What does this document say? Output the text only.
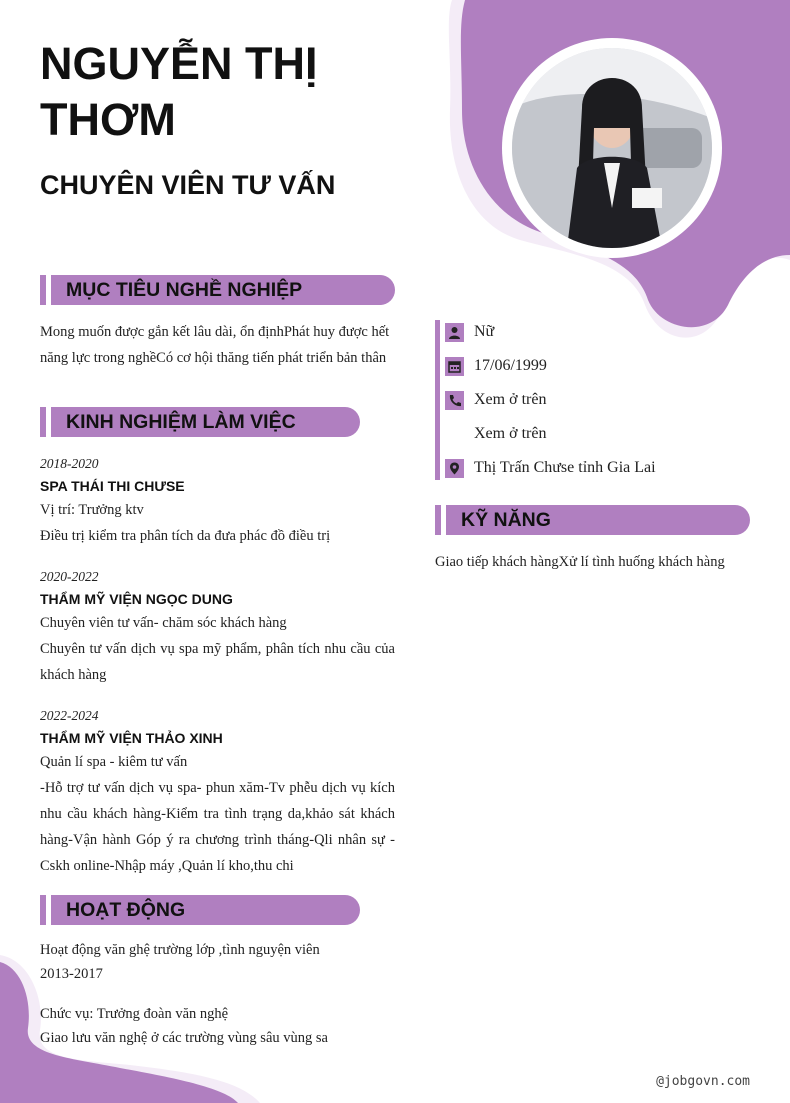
NGUYỄN THỊ THƠM
CHUYÊN VIÊN TƯ VẤN
MỤC TIÊU NGHỀ NGHIỆP
Mong muốn được gắn kết lâu dài, ổn địnhPhát huy được hết năng lực trong nghềCó cơ hội thăng tiến phát triển bản thân
KINH NGHIỆM LÀM VIỆC
2018-2020
SPA THÁI THI CHƯSE
Vị trí: Trưởng ktv
Điều trị kiểm tra phân tích da đưa phác đồ điều trị
2020-2022
THẨM MỸ VIỆN NGỌC DUNG
Chuyên viên tư vấn- chăm sóc khách hàng
Chuyên tư vấn dịch vụ spa mỹ phẩm, phân tích nhu cầu của khách hàng
2022-2024
THẨM MỸ VIỆN THẢO XINH
Quản lí spa - kiêm tư vấn
-Hỗ trợ tư vấn dịch vụ spa- phun xăm-Tv phễu dịch vụ kích nhu cầu khách hàng-Kiểm tra tình trạng da,khảo sát khách hàng-Vận hành Góp ý ra chương trình tháng-Qli nhân sự -Cskh online-Nhập máy ,Quản lí kho,thu chi
HOẠT ĐỘNG
Hoạt động văn ghệ trường lớp ,tình nguyện viên
2013-2017
Chức vụ: Trưởng đoàn văn nghệ
Giao lưu văn nghệ ở các trường vùng sâu vùng sa
Nữ
17/06/1999
Xem ở trên
Xem ở trên
Thị Trấn Chưse tỉnh Gia Lai
KỸ NĂNG
Giao tiếp khách hàngXử lí tình huống khách hàng
@jobgovn.com
